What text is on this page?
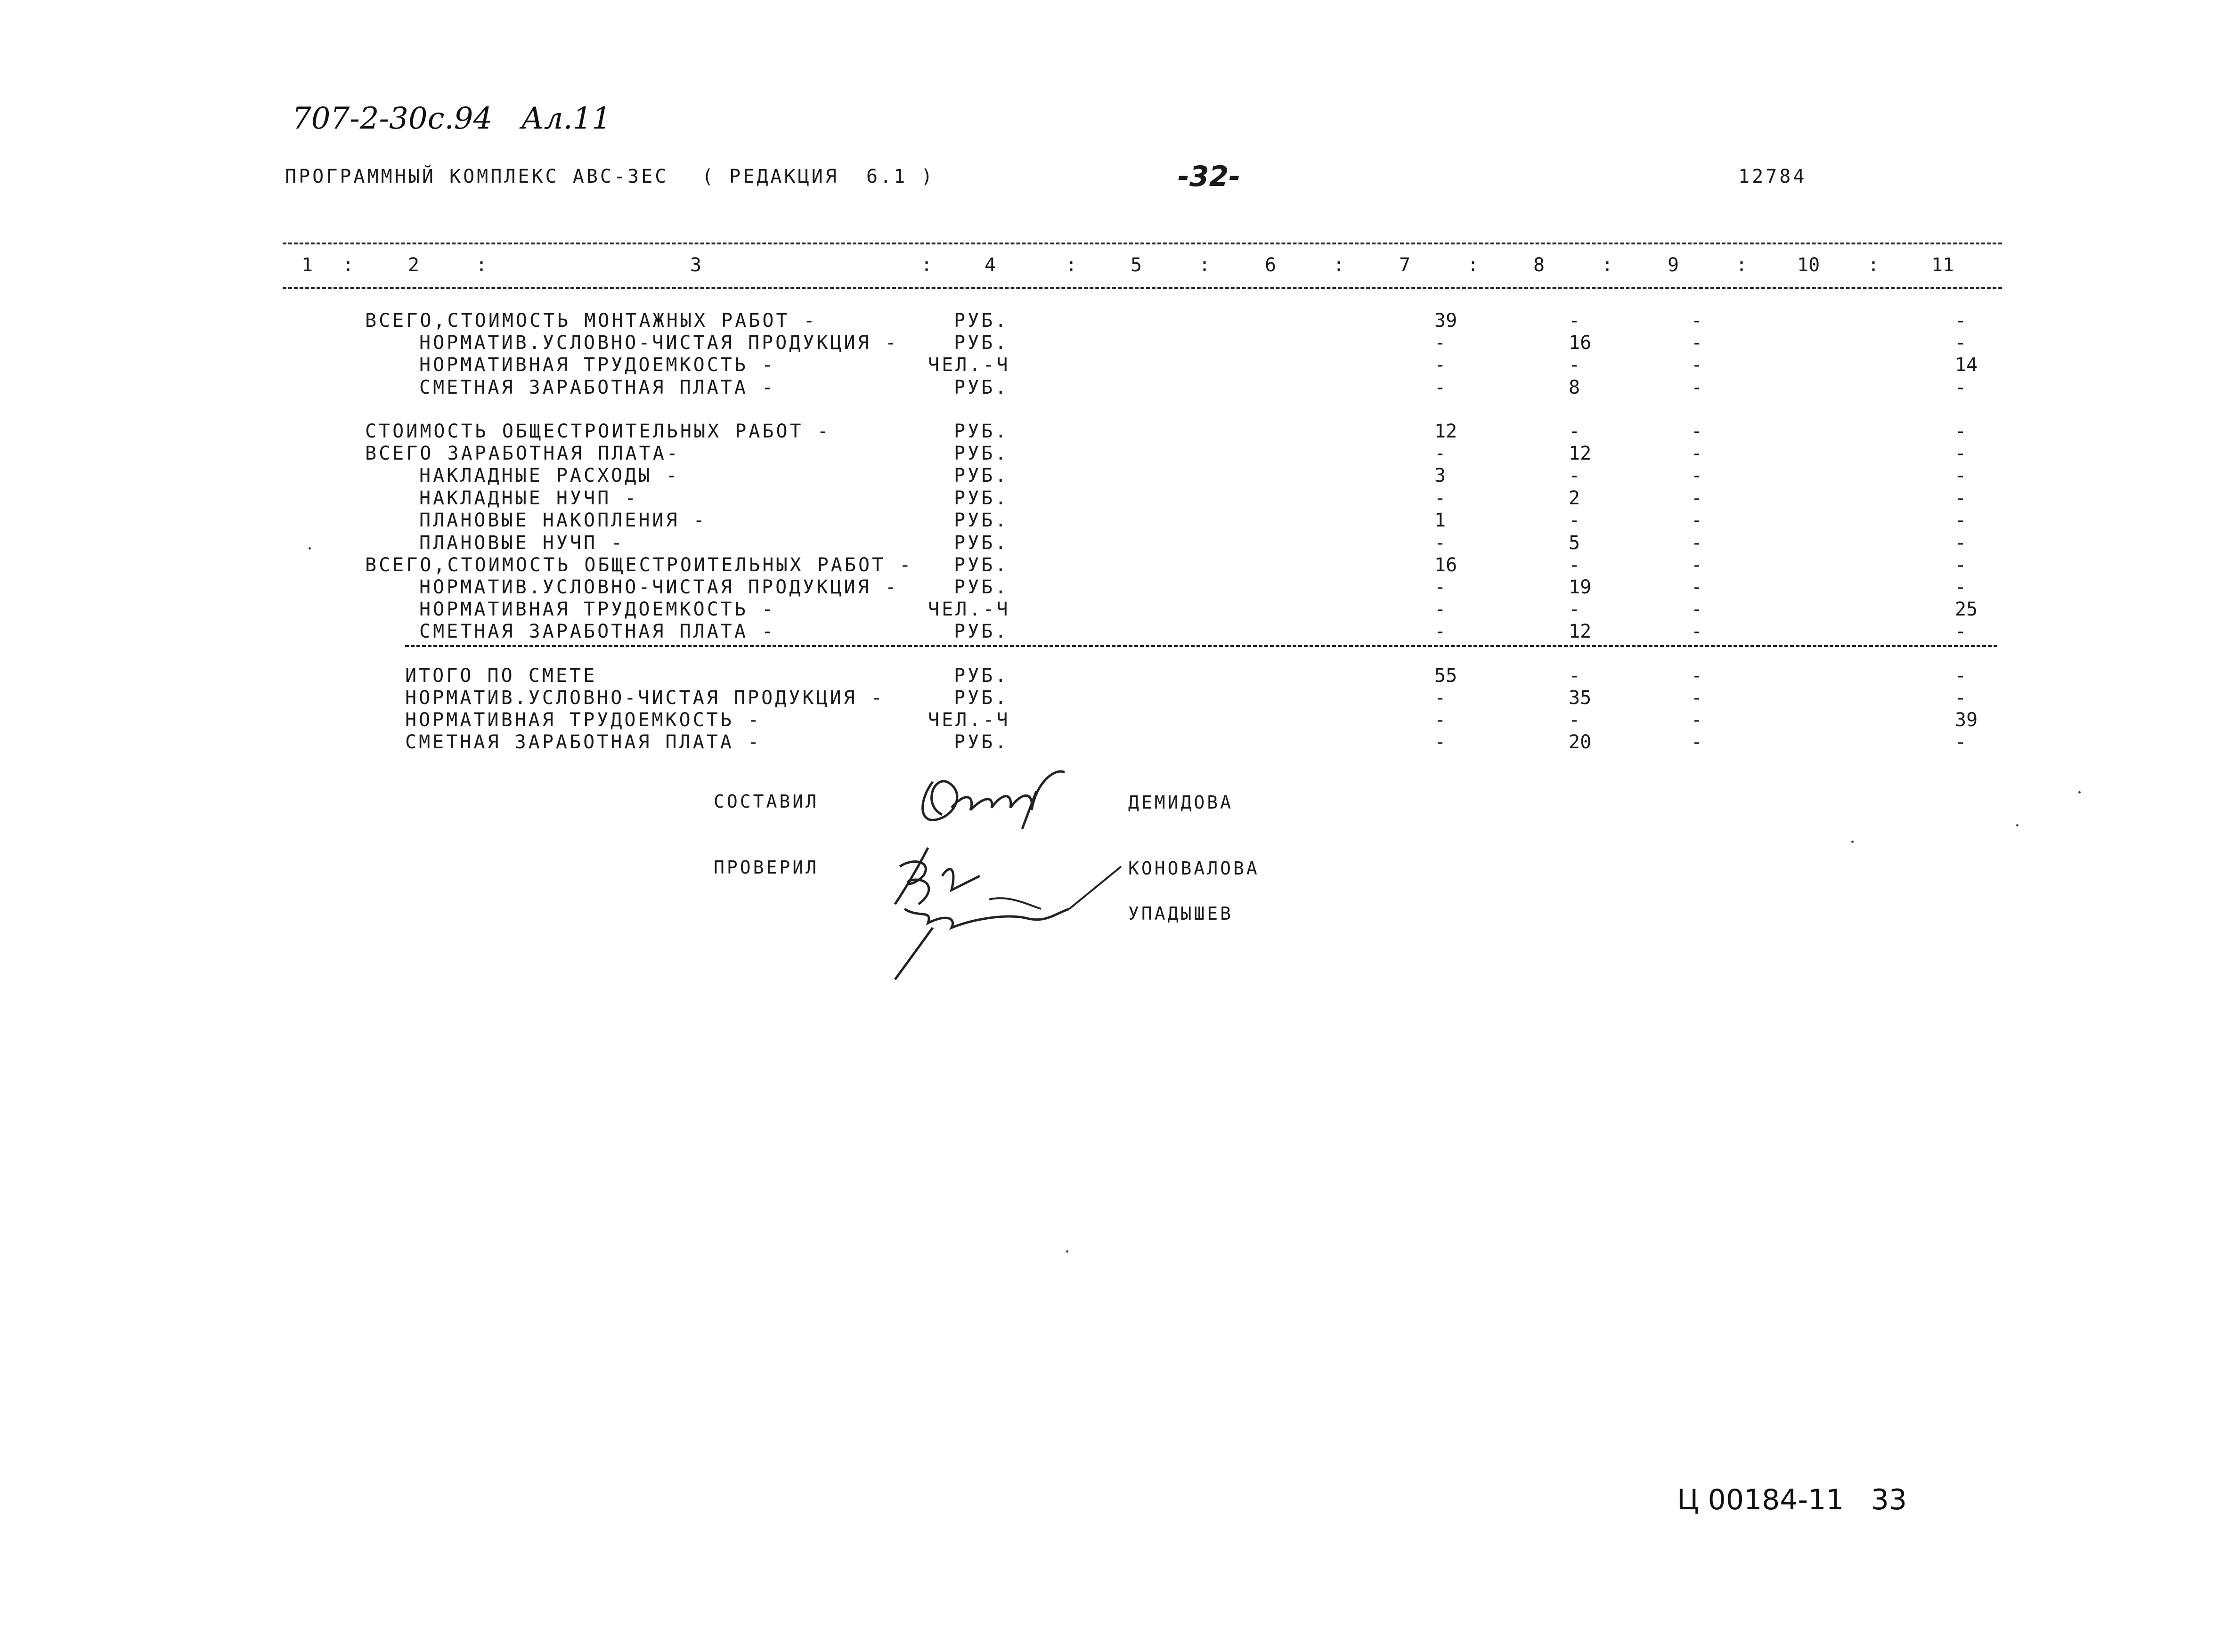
707-2-30с.94   Ал.11
ПРОГРАММНЫЙ КОМПЛЕКС АВС-ЗЕС ( РЕДАКЦИЯ  6.1 )	-32-	12784
1	2	3	4	5	6	7	8	9	10	11
:	:	:	:	:	:	:	:	:	:
ВСЕГО,СТОИМОСТЬ МОНТАЖНЫХ РАБОТ -	РУБ.	39	-	-	-
НОРМАТИВ.УСЛОВНО-ЧИСТАЯ ПРОДУКЦИЯ -	РУБ.	-	16	-	-
НОРМАТИВНАЯ ТРУДОЕМКОСТЬ -	ЧЕЛ.-Ч	-	-	-	14
СМЕТНАЯ ЗАРАБОТНАЯ ПЛАТА -	РУБ.	-	8	-	-
СТОИМОСТЬ ОБЩЕСТРОИТЕЛЬНЫХ РАБОТ -	РУБ.	12	-	-	-
ВСЕГО ЗАРАБОТНАЯ ПЛАТА-	РУБ.	-	12	-	-
НАКЛАДНЫЕ РАСХОДЫ -	РУБ.	3	-	-	-
НАКЛАДНЫЕ НУЧП -	РУБ.	-	2	-	-
ПЛАНОВЫЕ НАКОПЛЕНИЯ -	РУБ.	1	-	-	-
ПЛАНОВЫЕ НУЧП -	РУБ.	-	5	-	-
ВСЕГО,СТОИМОСТЬ ОБЩЕСТРОИТЕЛЬНЫХ РАБОТ - РУБ.	16	-	-	-
НОРМАТИВ.УСЛОВНО-ЧИСТАЯ ПРОДУКЦИЯ -	РУБ.	-	19	-	-
НОРМАТИВНАЯ ТРУДОЕМКОСТЬ -	ЧЕЛ.-Ч	-	-	-	25
СМЕТНАЯ ЗАРАБОТНАЯ ПЛАТА -	РУБ.	-	12	-	-
ИТОГО ПО СМЕТЕ	РУБ.	55	-	-	-
НОРМАТИВ.УСЛОВНО-ЧИСТАЯ ПРОДУКЦИЯ -	РУБ.	-	35	-	-
НОРМАТИВНАЯ ТРУДОЕМКОСТЬ -	ЧЕЛ.-Ч	-	-	-	39
СМЕТНАЯ ЗАРАБОТНАЯ ПЛАТА -	РУБ.	-	20	-	-
СОСТАВИЛ	ДЕМИДОВА
ПРОВЕРИЛ	КОНОВАЛОВА
УПАДЫШЕВ
Ц 00184-11   33
